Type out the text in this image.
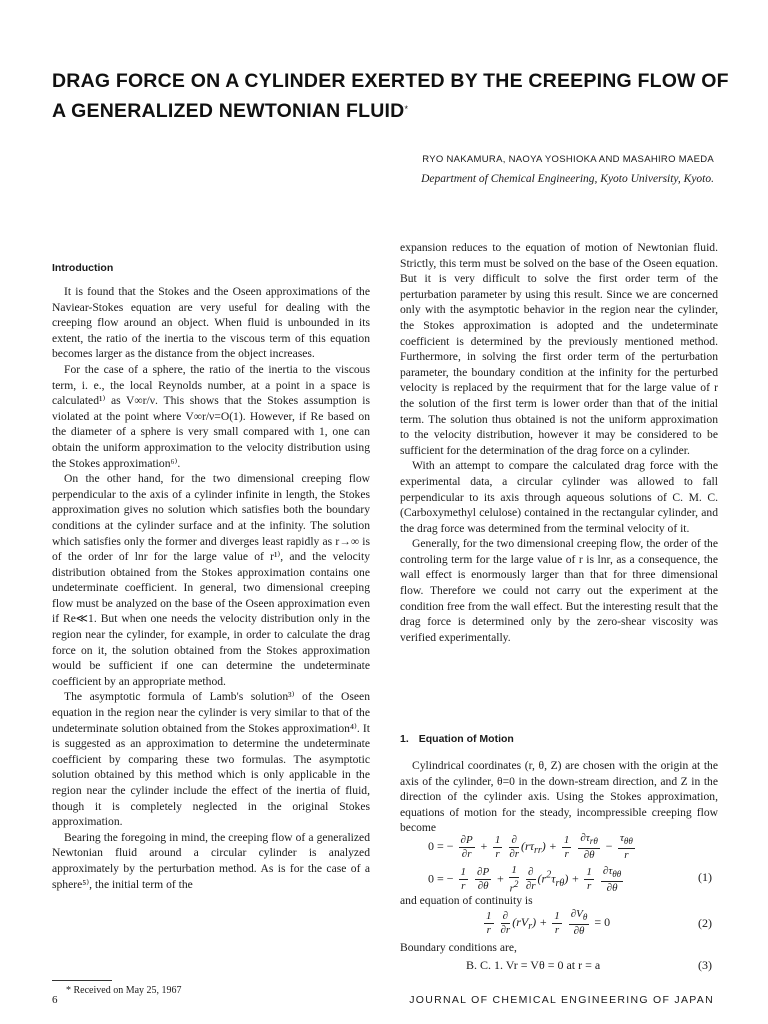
DRAG FORCE ON A CYLINDER EXERTED BY THE CREEPING FLOW OF A GENERALIZED NEWTONIAN FLUID*
RYO NAKAMURA, NAOYA YOSHIOKA AND MASAHIRO MAEDA
Department of Chemical Engineering, Kyoto University, Kyoto.
Introduction

It is found that the Stokes and the Oseen approximations of the Naviear-Stokes equation are very useful for dealing with the creeping flow around an object. When fluid is unbounded in its extent, the ratio of the inertia to the viscous term of this equation becomes larger as the distance from the object increases.

For the case of a sphere, the ratio of the inertia to the viscous term, i. e., the local Reynolds number, at a point in a space is calculated¹⁾ as V∞r/ν. This shows that the Stokes assumption is violated at the point where V∞r/ν=O(1). However, if Re based on the diameter of a sphere is very small compared with 1, one can obtain the uniform approximation to the velocity distribution using the Stokes approximation⁶⁾.

On the other hand, for the two dimensional creeping flow perpendicular to the axis of a cylinder infinite in length, the Stokes approximation gives no solution which satisfies both the boundary conditions at the cylinder surface and at the infinity. The solution which satisfies only the former and diverges least rapidly as r→∞ is of the order of lnr for the large value of r¹⁾, and the velocity distribution obtained from the Stokes approximation contains one undeterminate coefficient. In general, two dimensional creeping flow must be analyzed on the base of the Oseen approximation even if Re≪1. But when one needs the velocity distribution only in the region near the cylinder, for example, in order to calculate the drag force on it, the solution obtained from the Stokes approximation would be sufficient if one can determine the undeterminate coefficient by an appropriate method.

The asymptotic formula of Lamb's solution³⁾ of the Oseen equation in the region near the cylinder is very similar to that of the undeterminate solution obtained from the Stokes approximation⁴⁾. It is suggested as an approximation to determine the undeterminate coefficient by comparing these two formulas. The asymptotic solution obtained by this method which is only applicable in the region near the cylinder include the effect of the inertia of fluid, though it is completely neglected in the original Stokes approximation.

Bearing the foregoing in mind, the creeping flow of a generalized Newtonian fluid around a circular cylinder is analyzed approximately by the perturbation method. As is for the case of a sphere⁵⁾, the initial term of the

* Received on May 25, 1967

expansion reduces to the equation of motion of Newtonian fluid. Strictly, this term must be solved on the base of the Oseen equation. But it is very difficult to solve the first order term of the perturbation parameter by using this result. Since we are concerned only with the asymptotic behavior in the region near the cylinder, the Stokes approximation is adopted and the undeterminate coefficient is determined by the previously mentioned method. Furthermore, in solving the first order term of the perturbation parameter, the boundary condition at the infinity for the perturbed velocity is replaced by the requirment that for the large value of r the solution of the first term is lower order than that of the initial term. The solution thus obtained is not the uniform approximation to the velocity distribution, however it may be considered to be sufficient for the determination of the drag force on a cylinder.

With an attempt to compare the calculated drag force with the experimental data, a circular cylinder was allowed to fall perpendicular to its axis through aqueous solutions of C. M. C. (Carboxymethyl celulose) contained in the rectangular cylinder, and the drag force was determined from the terminal velocity of it.

Generally, for the two dimensional creeping flow, the order of the controling term for the large value of r is lnr, as a consequence, the wall effect is enormously larger than that for three dimensional flow. Therefore we could not carry out the experiment at the condition free from the wall effect. But the interesting result that the drag force is determined only by the zero-shear viscosity was verified experimentally.

1. Equation of Motion

Cylindrical coordinates (r, θ, Z) are chosen with the origin at the axis of the cylinder, θ=0 in the down-stream direction, and Z in the direction of the cylinder axis. Using the Stokes approximation, equations of motion for the steady, incompressible creeping flow become

0 = − $\frac{\partial P}{\partial r} + \frac{1}{r}$
$\frac{\partial}{\partial r} (r\tau_{rr}) + \frac{1}{r}$
$\frac{\partial\tau_{r\theta}}{\partial\theta} - \frac{\tau_{\theta\theta}}{r}$
0 = − $\frac{1}{r}$
$\frac{\partial P}{\partial\theta} + \frac{1}{r^2}$
$\frac{\partial}{\partial r} (r^2\tau_{r\theta}) + \frac{1}{r}$
$\frac{\partial\tau_{\theta\theta}}{\partial\theta}$	(1)

and equation of continuity is

$\frac{1}{r}$
$\frac{\partial}{\partial r} (rV_r) + \frac{1}{r}$
$\frac{\partial V_\theta}{\partial\theta} = 0$	(2)

Boundary conditions are,

B. C. 1. Vr = Vθ = 0 at r = a	(3)
6	JOURNAL OF CHEMICAL ENGINEERING OF JAPAN
